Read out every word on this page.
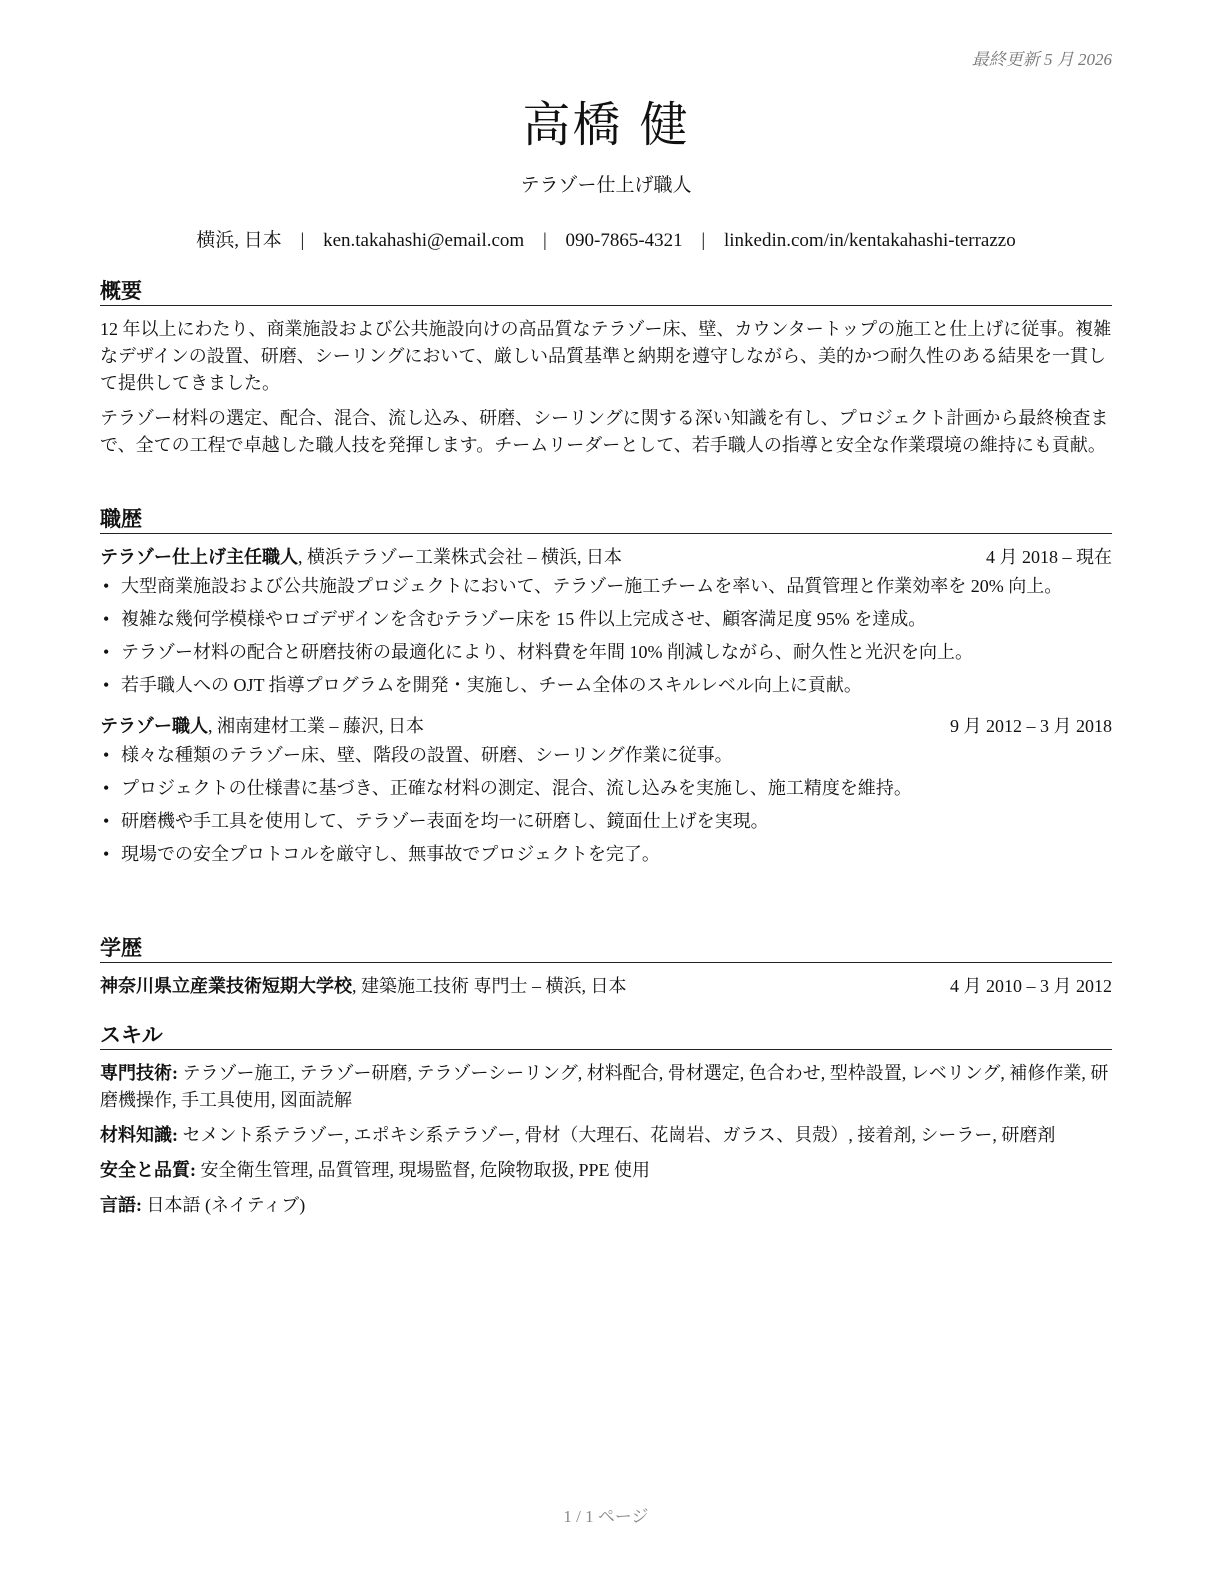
最終更新 5 月 2026
高橋 健
テラゾー仕上げ職人
横浜, 日本 | ken.takahashi@email.com | 090-7865-4321 | linkedin.com/in/kentakahashi-terrazzo
概要

12 年以上にわたり、商業施設および公共施設向けの高品質なテラゾー床、壁、カウンタートップの施工と仕上げに従事。複雑なデザインの設置、研磨、シーリングにおいて、厳しい品質基準と納期を遵守しながら、美的かつ耐久性のある結果を一貫して提供してきました。

テラゾー材料の選定、配合、混合、流し込み、研磨、シーリングに関する深い知識を有し、プロジェクト計画から最終検査まで、全ての工程で卓越した職人技を発揮します。チームリーダーとして、若手職人の指導と安全な作業環境の維持にも貢献。

職歴
テラゾー仕上げ主任職人, 横浜テラゾー工業株式会社 – 横浜, 日本	4 月 2018 – 現在
• 大型商業施設および公共施設プロジェクトにおいて、テラゾー施工チームを率い、品質管理と作業効率を 20% 向上。
• 複雑な幾何学模様やロゴデザインを含むテラゾー床を 15 件以上完成させ、顧客満足度 95% を達成。
• テラゾー材料の配合と研磨技術の最適化により、材料費を年間 10% 削減しながら、耐久性と光沢を向上。
• 若手職人への OJT 指導プログラムを開発・実施し、チーム全体のスキルレベル向上に貢献。
テラゾー職人, 湘南建材工業 – 藤沢, 日本	9 月 2012 – 3 月 2018
• 様々な種類のテラゾー床、壁、階段の設置、研磨、シーリング作業に従事。
• プロジェクトの仕様書に基づき、正確な材料の測定、混合、流し込みを実施し、施工精度を維持。
• 研磨機や手工具を使用して、テラゾー表面を均一に研磨し、鏡面仕上げを実現。
• 現場での安全プロトコルを厳守し、無事故でプロジェクトを完了。
学歴
神奈川県立産業技術短期大学校, 建築施工技術 専門士 – 横浜, 日本	4 月 2010 – 3 月 2012
スキル

専門技術: テラゾー施工, テラゾー研磨, テラゾーシーリング, 材料配合, 骨材選定, 色合わせ, 型枠設置, レベリング, 補修作業, 研磨機操作, 手工具使用, 図面読解

材料知識: セメント系テラゾー, エポキシ系テラゾー, 骨材（大理石、花崗岩、ガラス、貝殻）, 接着剤, シーラー, 研磨剤

安全と品質: 安全衛生管理, 品質管理, 現場監督, 危険物取扱, PPE 使用

言語: 日本語 (ネイティブ)

1 / 1 ページ
